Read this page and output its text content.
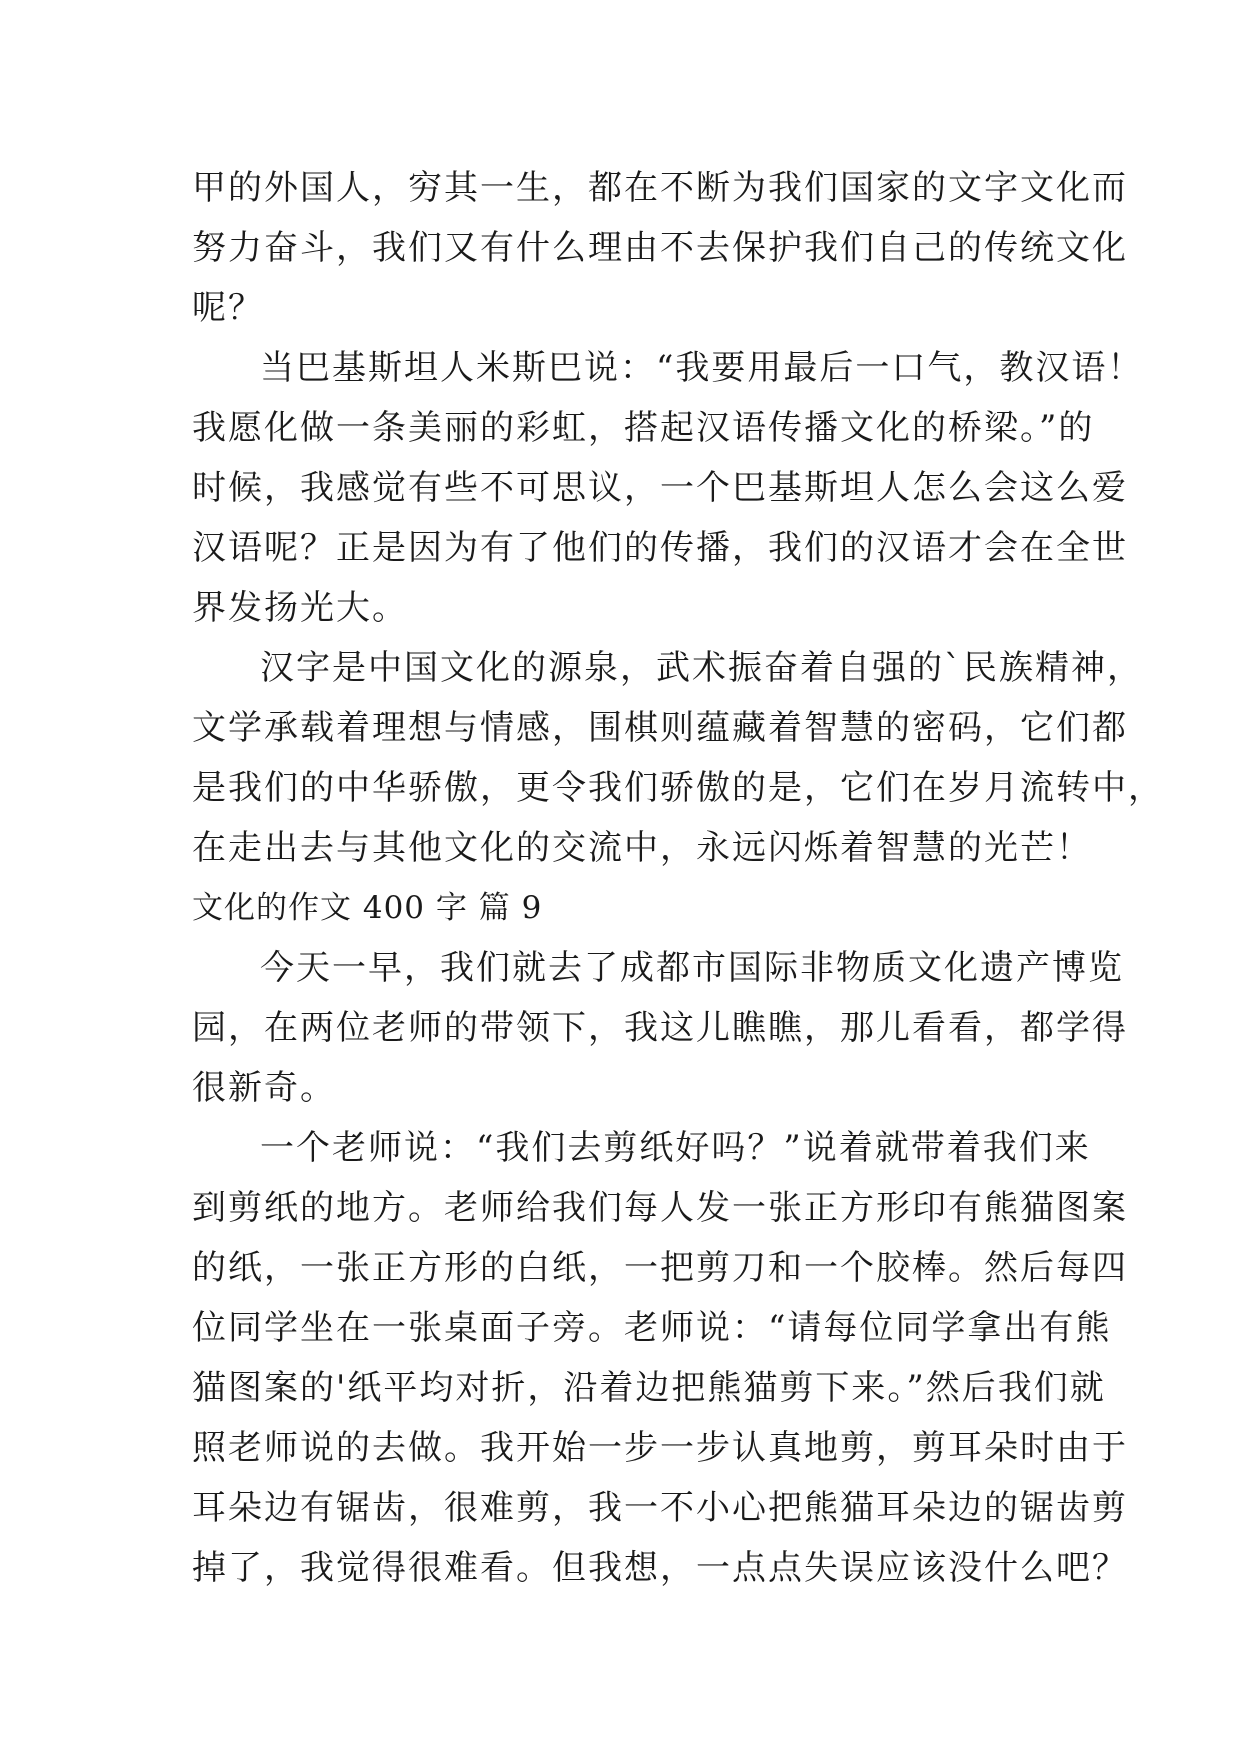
甲的外国人，穷其一生，都在不断为我们国家的文字文化而
努力奋斗，我们又有什么理由不去保护我们自己的传统文化
呢？
当巴基斯坦人米斯巴说：“我要用最后一口气，教汉语！
我愿化做一条美丽的彩虹，搭起汉语传播文化的桥梁。”的
时候，我感觉有些不可思议，一个巴基斯坦人怎么会这么爱
汉语呢？正是因为有了他们的传播，我们的汉语才会在全世
界发扬光大。
汉字是中国文化的源泉，武术振奋着自强的`民族精神，
文学承载着理想与情感，围棋则蕴藏着智慧的密码，它们都
是我们的中华骄傲，更令我们骄傲的是，它们在岁月流转中，
在走出去与其他文化的交流中，永远闪烁着智慧的光芒！
文化的作文 400 字 篇 9
今天一早，我们就去了成都市国际非物质文化遗产博览
园，在两位老师的带领下，我这儿瞧瞧，那儿看看，都学得
很新奇。
一个老师说：“我们去剪纸好吗？”说着就带着我们来
到剪纸的地方。老师给我们每人发一张正方形印有熊猫图案
的纸，一张正方形的白纸，一把剪刀和一个胶棒。然后每四
位同学坐在一张桌面子旁。老师说：“请每位同学拿出有熊
猫图案的'纸平均对折，沿着边把熊猫剪下来。”然后我们就
照老师说的去做。我开始一步一步认真地剪，剪耳朵时由于
耳朵边有锯齿，很难剪，我一不小心把熊猫耳朵边的锯齿剪
掉了，我觉得很难看。但我想，一点点失误应该没什么吧？
